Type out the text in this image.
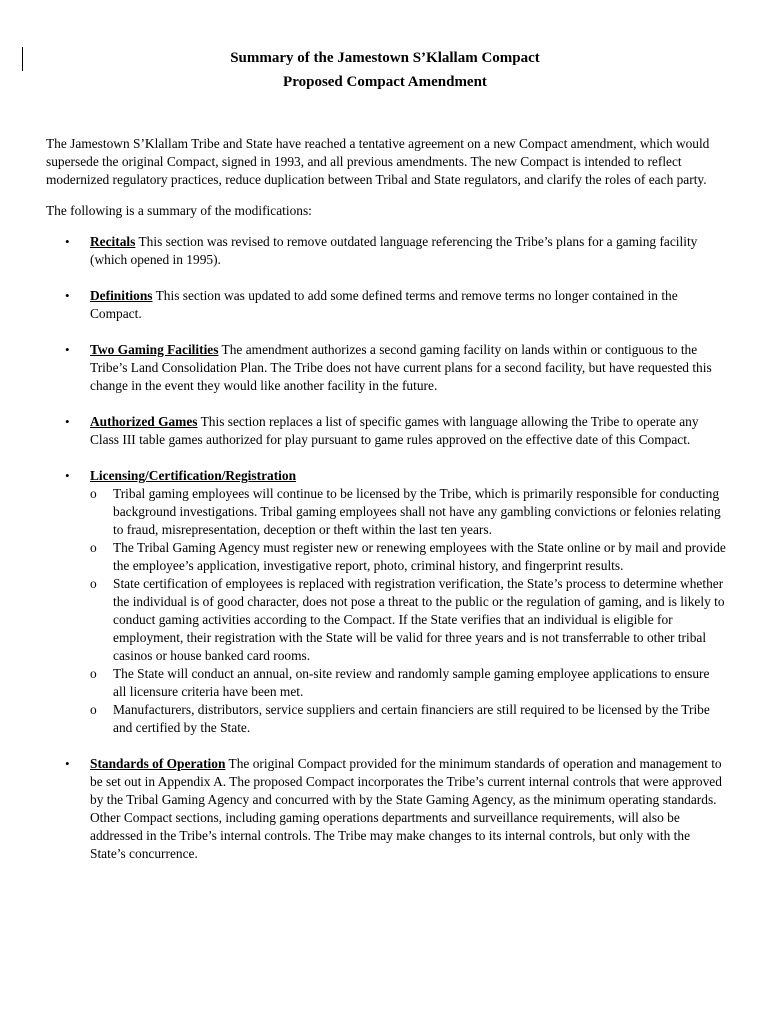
Summary of the Jamestown S’Klallam Compact
Proposed Compact Amendment

The Jamestown S’Klallam Tribe and State have reached a tentative agreement on a new Compact amendment, which would supersede the original Compact, signed in 1993, and all previous amendments. The new Compact is intended to reflect modernized regulatory practices, reduce duplication between Tribal and State regulators, and clarify the roles of each party.

The following is a summary of the modifications:

• Recitals This section was revised to remove outdated language referencing the Tribe’s plans for a gaming facility (which opened in 1995).
• Definitions This section was updated to add some defined terms and remove terms no longer contained in the Compact.
• Two Gaming Facilities The amendment authorizes a second gaming facility on lands within or contiguous to the Tribe’s Land Consolidation Plan. The Tribe does not have current plans for a second facility, but have requested this change in the event they would like another facility in the future.
• Authorized Games This section replaces a list of specific games with language allowing the Tribe to operate any Class III table games authorized for play pursuant to game rules approved on the effective date of this Compact.
• Licensing/Certification/Registration
o Tribal gaming employees will continue to be licensed by the Tribe, which is primarily responsible for conducting background investigations. Tribal gaming employees shall not have any gambling convictions or felonies relating to fraud, misrepresentation, deception or theft within the last ten years.
o The Tribal Gaming Agency must register new or renewing employees with the State online or by mail and provide the employee’s application, investigative report, photo, criminal history, and fingerprint results.
o State certification of employees is replaced with registration verification, the State’s process to determine whether the individual is of good character, does not pose a threat to the public or the regulation of gaming, and is likely to conduct gaming activities according to the Compact. If the State verifies that an individual is eligible for employment, their registration with the State will be valid for three years and is not transferrable to other tribal casinos or house banked card rooms.
o The State will conduct an annual, on-site review and randomly sample gaming employee applications to ensure all licensure criteria have been met.
o Manufacturers, distributors, service suppliers and certain financiers are still required to be licensed by the Tribe and certified by the State.
• Standards of Operation The original Compact provided for the minimum standards of operation and management to be set out in Appendix A. The proposed Compact incorporates the Tribe’s current internal controls that were approved by the Tribal Gaming Agency and concurred with by the State Gaming Agency, as the minimum operating standards. Other Compact sections, including gaming operations departments and surveillance requirements, will also be addressed in the Tribe’s internal controls. The Tribe may make changes to its internal controls, but only with the State’s concurrence.
